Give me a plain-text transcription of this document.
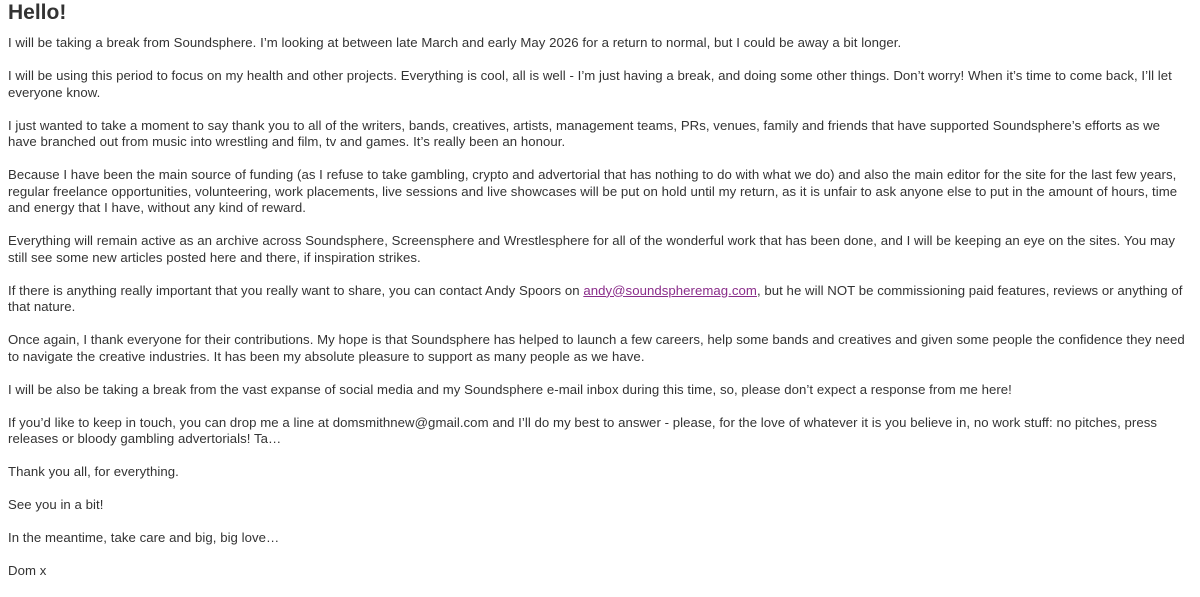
Hello!

I will be taking a break from Soundsphere. I’m looking at between late March and early May 2026 for a return to normal, but I could be away a bit longer.

I will be using this period to focus on my health and other projects. Everything is cool, all is well - I’m just having a break, and doing some other things. Don’t worry! When it’s time to come back, I’ll let everyone know.

I just wanted to take a moment to say thank you to all of the writers, bands, creatives, artists, management teams, PRs, venues, family and friends that have supported Soundsphere’s efforts as we have branched out from music into wrestling and film, tv and games. It’s really been an honour.

Because I have been the main source of funding (as I refuse to take gambling, crypto and advertorial that has nothing to do with what we do) and also the main editor for the site for the last few years, regular freelance opportunities, volunteering, work placements, live sessions and live showcases will be put on hold until my return, as it is unfair to ask anyone else to put in the amount of hours, time and energy that I have, without any kind of reward.

Everything will remain active as an archive across Soundsphere, Screensphere and Wrestlesphere for all of the wonderful work that has been done, and I will be keeping an eye on the sites. You may still see some new articles posted here and there, if inspiration strikes.

If there is anything really important that you really want to share, you can contact Andy Spoors on andy@soundspheremag.com, but he will NOT be commissioning paid features, reviews or anything of that nature.

Once again, I thank everyone for their contributions. My hope is that Soundsphere has helped to launch a few careers, help some bands and creatives and given some people the confidence they need to navigate the creative industries. It has been my absolute pleasure to support as many people as we have.

I will be also be taking a break from the vast expanse of social media and my Soundsphere e-mail inbox during this time, so, please don’t expect a response from me here!

If you’d like to keep in touch, you can drop me a line at domsmithnew@gmail.com and I’ll do my best to answer - please, for the love of whatever it is you believe in, no work stuff: no pitches, press releases or bloody gambling advertorials! Ta…

Thank you all, for everything.

See you in a bit!

In the meantime, take care and big, big love…

Dom x
